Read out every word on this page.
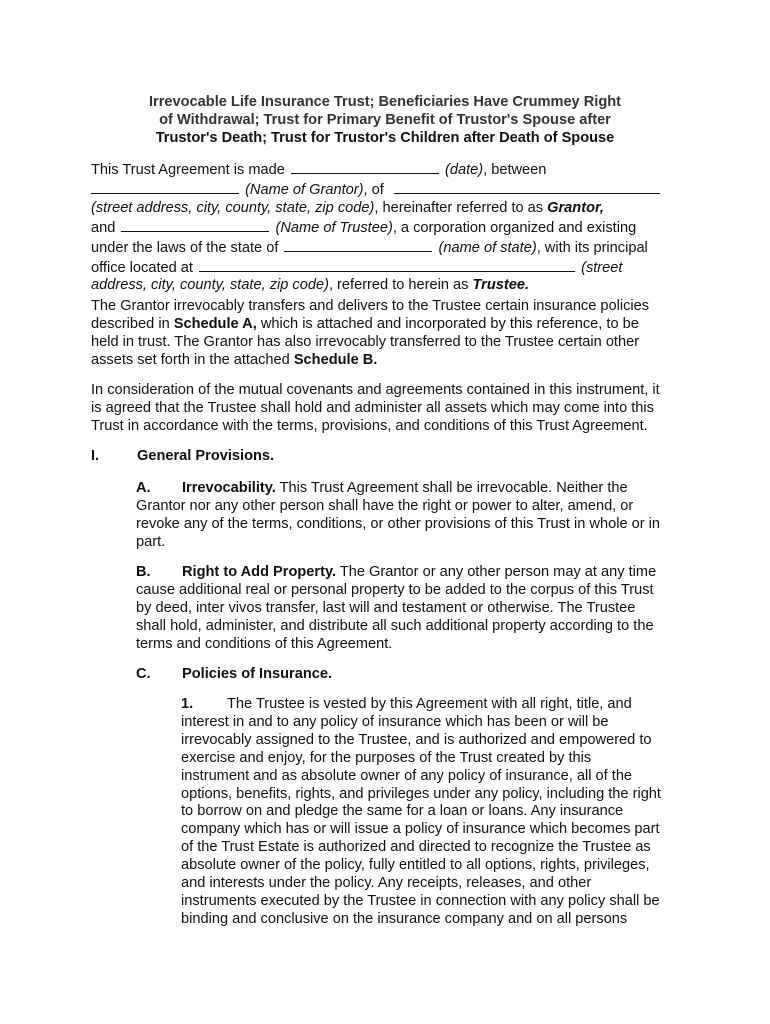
Irrevocable Life Insurance Trust; Beneficiaries Have Crummey Right
of Withdrawal; Trust for Primary Benefit of Trustor's Spouse after
Trustor's Death; Trust for Trustor's Children after Death of Spouse
This Trust Agreement is made	(date), between
(Name of Grantor), of
(street address, city, county, state, zip code), hereinafter referred to as Grantor,
and	(Name of Trustee), a corporation organized and existing
under the laws of the state of	(name of state), with its principal
office located at	(street
address, city, county, state, zip code), referred to herein as Trustee.
The Grantor irrevocably transfers and delivers to the Trustee certain insurance policies
described in Schedule A, which is attached and incorporated by this reference, to be
held in trust. The Grantor has also irrevocably transferred to the Trustee certain other
assets set forth in the attached Schedule B.
In consideration of the mutual covenants and agreements contained in this instrument, it
is agreed that the Trustee shall hold and administer all assets which may come into this
Trust in accordance with the terms, provisions, and conditions of this Trust Agreement.
I.	General Provisions.
A. Irrevocability. This Trust Agreement shall be irrevocable. Neither the
Grantor nor any other person shall have the right or power to alter, amend, or
revoke any of the terms, conditions, or other provisions of this Trust in whole or in
part.
B. Right to Add Property. The Grantor or any other person may at any time
cause additional real or personal property to be added to the corpus of this Trust
by deed, inter vivos transfer, last will and testament or otherwise. The Trustee
shall hold, administer, and distribute all such additional property according to the
terms and conditions of this Agreement.
C. Policies of Insurance.
1. The Trustee is vested by this Agreement with all right, title, and
interest in and to any policy of insurance which has been or will be
irrevocably assigned to the Trustee, and is authorized and empowered to
exercise and enjoy, for the purposes of the Trust created by this
instrument and as absolute owner of any policy of insurance, all of the
options, benefits, rights, and privileges under any policy, including the right
to borrow on and pledge the same for a loan or loans. Any insurance
company which has or will issue a policy of insurance which becomes part
of the Trust Estate is authorized and directed to recognize the Trustee as
absolute owner of the policy, fully entitled to all options, rights, privileges,
and interests under the policy. Any receipts, releases, and other
instruments executed by the Trustee in connection with any policy shall be
binding and conclusive on the insurance company and on all persons
